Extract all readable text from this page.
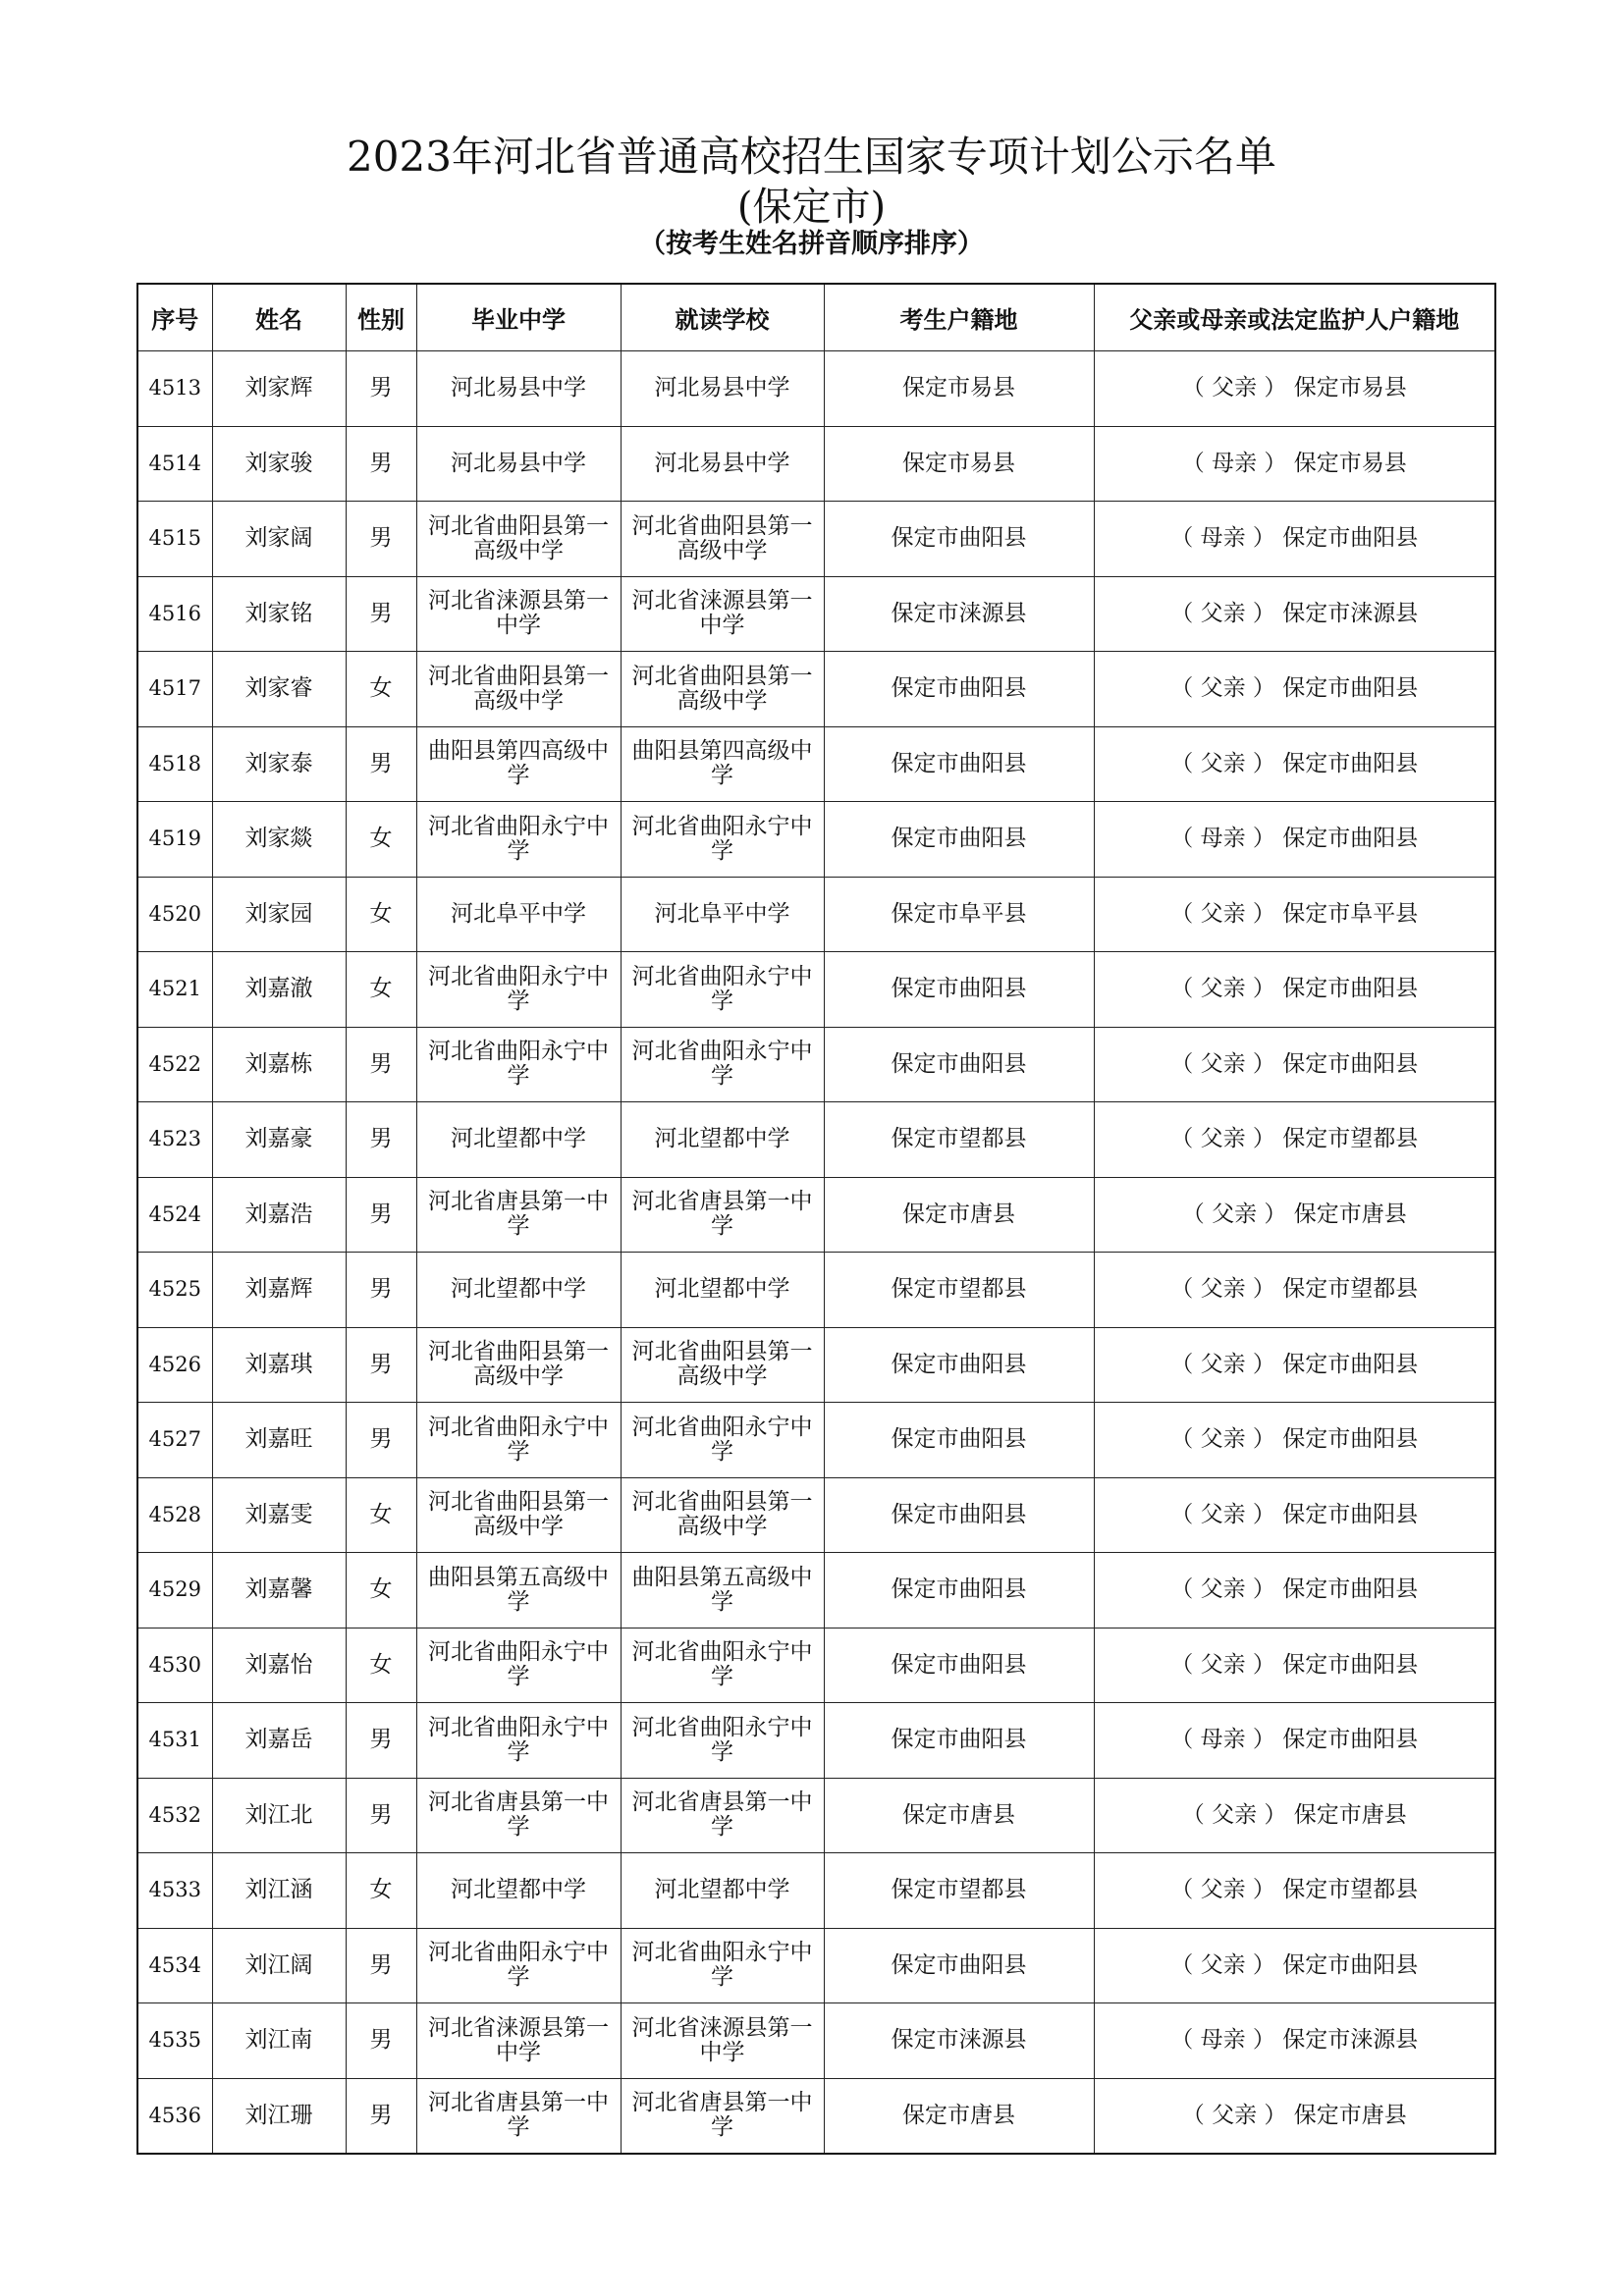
2023年河北省普通高校招生国家专项计划公示名单
(保定市)
（按考生姓名拼音顺序排序）
序号	姓名	性别	毕业中学	就读学校	考生户籍地	父亲或母亲或法定监护人户籍地
4513	刘家辉	男	河北易县中学	河北易县中学	保定市易县	（ 父亲 ） 保定市易县
4514	刘家骏	男	河北易县中学	河北易县中学	保定市易县	（ 母亲 ） 保定市易县
4515	刘家阔	男	河北省曲阳县第一高级中学	河北省曲阳县第一高级中学	保定市曲阳县	（ 母亲 ） 保定市曲阳县
4516	刘家铭	男	河北省涞源县第一中学	河北省涞源县第一中学	保定市涞源县	（ 父亲 ） 保定市涞源县
4517	刘家睿	女	河北省曲阳县第一高级中学	河北省曲阳县第一高级中学	保定市曲阳县	（ 父亲 ） 保定市曲阳县
4518	刘家泰	男	曲阳县第四高级中学	曲阳县第四高级中学	保定市曲阳县	（ 父亲 ） 保定市曲阳县
4519	刘家燚	女	河北省曲阳永宁中学	河北省曲阳永宁中学	保定市曲阳县	（ 母亲 ） 保定市曲阳县
4520	刘家园	女	河北阜平中学	河北阜平中学	保定市阜平县	（ 父亲 ） 保定市阜平县
4521	刘嘉澈	女	河北省曲阳永宁中学	河北省曲阳永宁中学	保定市曲阳县	（ 父亲 ） 保定市曲阳县
4522	刘嘉栋	男	河北省曲阳永宁中学	河北省曲阳永宁中学	保定市曲阳县	（ 父亲 ） 保定市曲阳县
4523	刘嘉豪	男	河北望都中学	河北望都中学	保定市望都县	（ 父亲 ） 保定市望都县
4524	刘嘉浩	男	河北省唐县第一中学	河北省唐县第一中学	保定市唐县	（ 父亲 ） 保定市唐县
4525	刘嘉辉	男	河北望都中学	河北望都中学	保定市望都县	（ 父亲 ） 保定市望都县
4526	刘嘉琪	男	河北省曲阳县第一高级中学	河北省曲阳县第一高级中学	保定市曲阳县	（ 父亲 ） 保定市曲阳县
4527	刘嘉旺	男	河北省曲阳永宁中学	河北省曲阳永宁中学	保定市曲阳县	（ 父亲 ） 保定市曲阳县
4528	刘嘉雯	女	河北省曲阳县第一高级中学	河北省曲阳县第一高级中学	保定市曲阳县	（ 父亲 ） 保定市曲阳县
4529	刘嘉馨	女	曲阳县第五高级中学	曲阳县第五高级中学	保定市曲阳县	（ 父亲 ） 保定市曲阳县
4530	刘嘉怡	女	河北省曲阳永宁中学	河北省曲阳永宁中学	保定市曲阳县	（ 父亲 ） 保定市曲阳县
4531	刘嘉岳	男	河北省曲阳永宁中学	河北省曲阳永宁中学	保定市曲阳县	（ 母亲 ） 保定市曲阳县
4532	刘江北	男	河北省唐县第一中学	河北省唐县第一中学	保定市唐县	（ 父亲 ） 保定市唐县
4533	刘江涵	女	河北望都中学	河北望都中学	保定市望都县	（ 父亲 ） 保定市望都县
4534	刘江阔	男	河北省曲阳永宁中学	河北省曲阳永宁中学	保定市曲阳县	（ 父亲 ） 保定市曲阳县
4535	刘江南	男	河北省涞源县第一中学	河北省涞源县第一中学	保定市涞源县	（ 母亲 ） 保定市涞源县
4536	刘江珊	男	河北省唐县第一中学	河北省唐县第一中学	保定市唐县	（ 父亲 ） 保定市唐县
